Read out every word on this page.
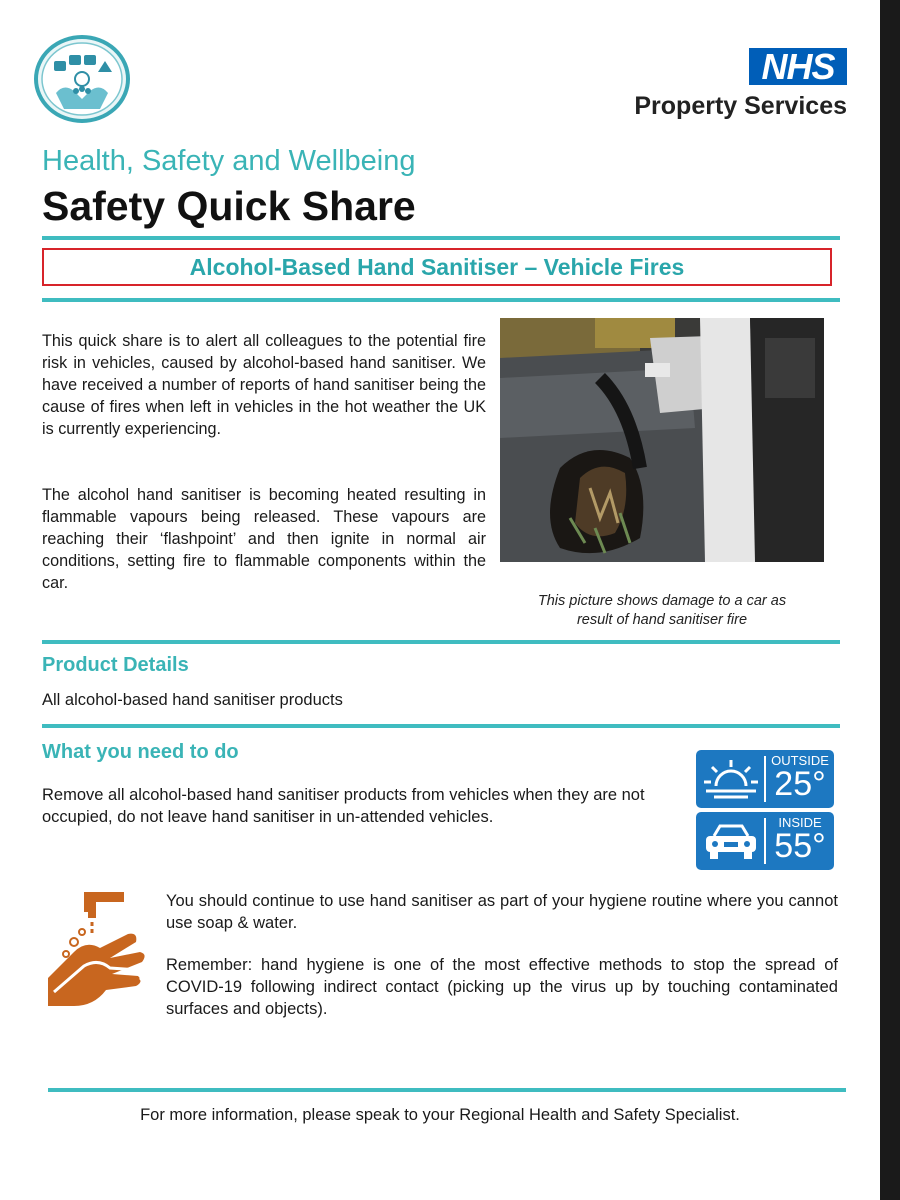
NHS
Property Services
Health, Safety and Wellbeing
Safety Quick Share
Alcohol-Based Hand Sanitiser – Vehicle Fires
This quick share is to alert all colleagues to the potential fire risk in vehicles, caused by alcohol-based hand sanitiser. We have received a number of reports of hand sanitiser being the cause of fires when left in vehicles in the hot weather the UK is currently experiencing.
The alcohol hand sanitiser is becoming heated resulting in flammable vapours being released. These vapours are reaching their ‘flashpoint’ and then ignite in normal air conditions, setting fire to flammable components within the car.
This picture shows damage to a car as
result of hand sanitiser fire
Product Details
All alcohol-based hand sanitiser products
What you need to do
Remove all alcohol-based hand sanitiser products from vehicles when they are not occupied, do not leave hand sanitiser in un-attended vehicles.
OUTSIDE
25°
INSIDE
55°
You should continue to use hand sanitiser as part of your hygiene routine where you cannot use soap & water.
Remember: hand hygiene is one of the most effective methods to stop the spread of COVID-19 following indirect contact (picking up the virus up by touching contaminated surfaces and objects).
For more information, please speak to your Regional Health and Safety Specialist.
